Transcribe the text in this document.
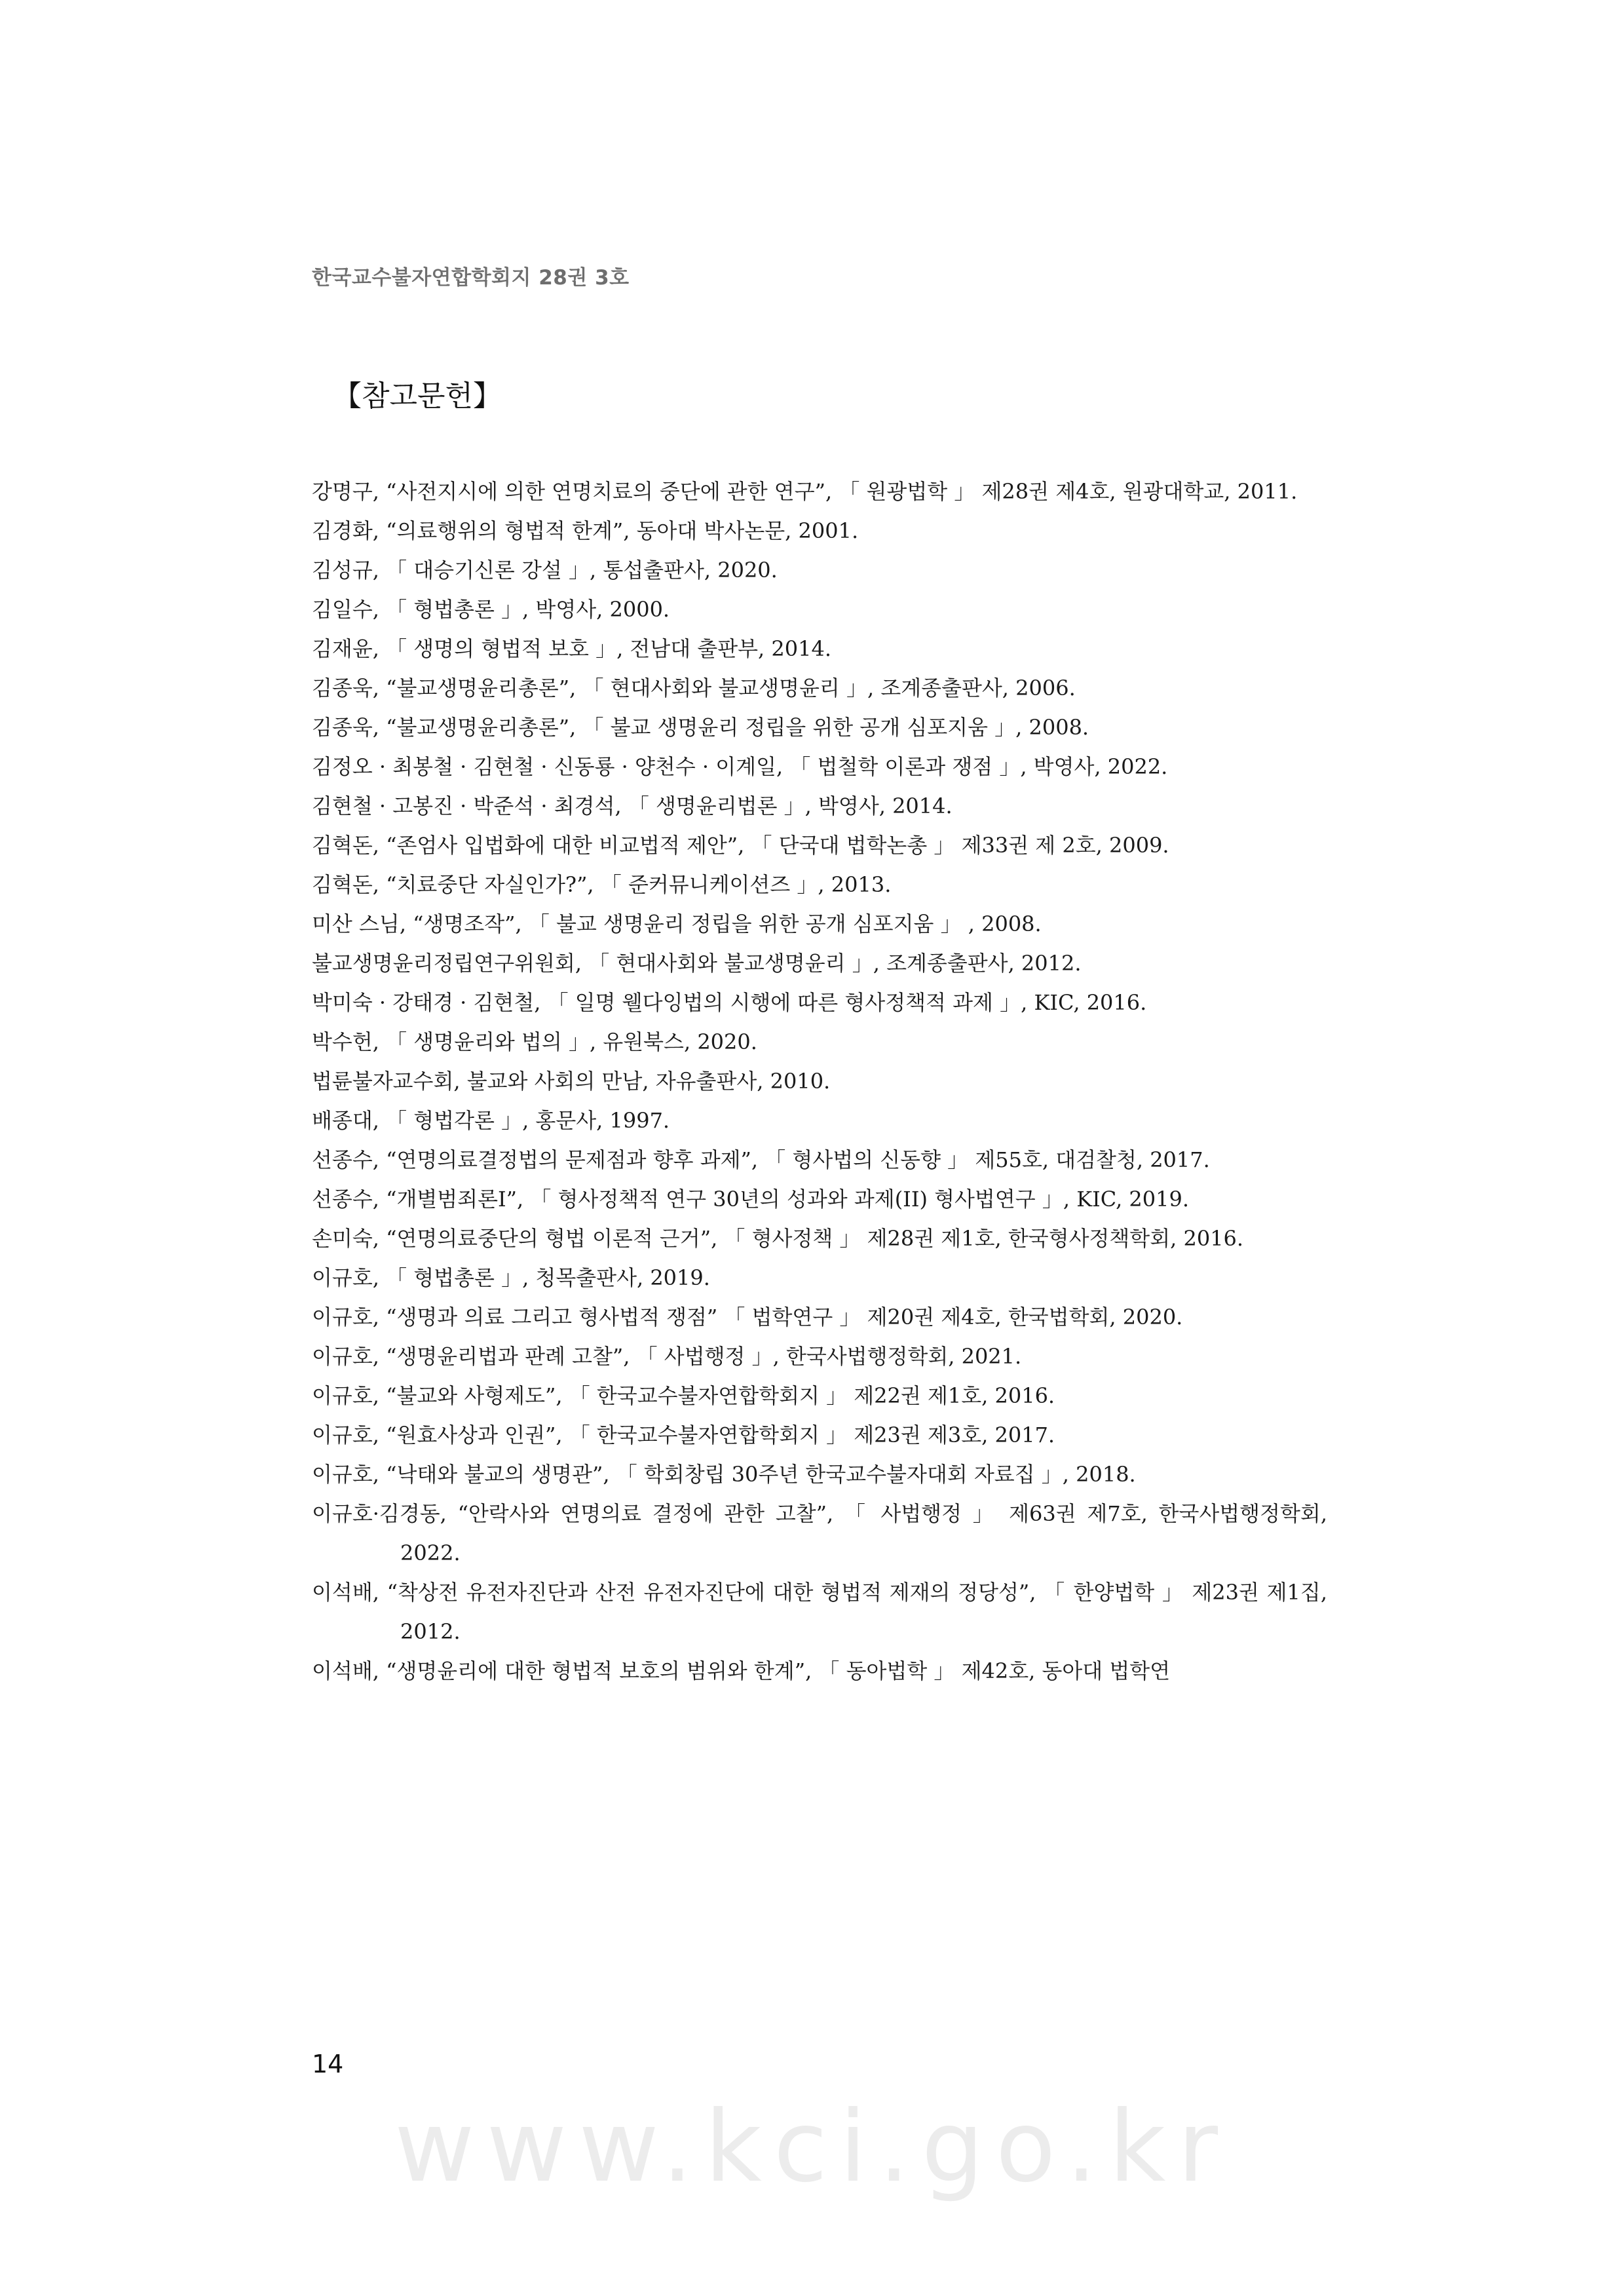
한국교수불자연합학회지 28권 3호
【참고문헌】
강명구, “사전지시에 의한 연명치료의 중단에 관한 연구”, 「 원광법학 」 제28권 제4호, 원광대학교, 2011.
김경화, “의료행위의 형법적 한계”, 동아대 박사논문, 2001.
김성규, 「 대승기신론 강설 」, 통섭출판사, 2020.
김일수, 「 형법총론 」, 박영사, 2000.
김재윤, 「 생명의 형법적 보호 」, 전남대 출판부, 2014.
김종욱, “불교생명윤리총론”, 「 현대사회와 불교생명윤리 」, 조계종출판사, 2006.
김종욱, “불교생명윤리총론”, 「 불교 생명윤리 정립을 위한 공개 심포지움 」, 2008.
김정오 · 최봉철 · 김현철 · 신동룡 · 양천수 · 이계일, 「 법철학 이론과 쟁점 」, 박영사, 2022.
김현철 · 고봉진 · 박준석 · 최경석, 「 생명윤리법론 」, 박영사, 2014.
김혁돈, “존엄사 입법화에 대한 비교법적 제안”, 「 단국대 법학논총 」 제33권 제 2호, 2009.
김혁돈, “치료중단 자실인가?”, 「 준커뮤니케이션즈 」, 2013.
미산 스님, “생명조작”, 「 불교 생명윤리 정립을 위한 공개 심포지움 」 , 2008.
불교생명윤리정립연구위원회, 「 현대사회와 불교생명윤리 」, 조계종출판사, 2012.
박미숙 · 강태경 · 김현철, 「 일명 웰다잉법의 시행에 따른 형사정책적 과제 」, KIC, 2016.
박수헌, 「 생명윤리와 법의 」, 유원북스, 2020.
법륜불자교수회, 불교와 사회의 만남, 자유출판사, 2010.
배종대, 「 형법각론 」, 홍문사, 1997.
선종수, “연명의료결정법의 문제점과 향후 과제”, 「 형사법의 신동향 」 제55호, 대검찰청, 2017.
선종수, “개별범죄론Ⅰ”, 「 형사정책적 연구 30년의 성과와 과제(II) 형사법연구 」, KIC, 2019.
손미숙, “연명의료중단의 형법 이론적 근거”, 「 형사정책 」 제28권 제1호, 한국형사정책학회, 2016.
이규호, 「 형법총론 」, 청목출판사, 2019.
이규호, “생명과 의료 그리고 형사법적 쟁점” 「 법학연구 」 제20권 제4호, 한국법학회, 2020.
이규호, “생명윤리법과 판례 고찰”, 「 사법행정 」, 한국사법행정학회, 2021.
이규호, “불교와 사형제도”, 「 한국교수불자연합학회지 」 제22권 제1호, 2016.
이규호, “원효사상과 인권”, 「 한국교수불자연합학회지 」 제23권 제3호, 2017.
이규호, “낙태와 불교의 생명관”, 「 학회창립 30주년 한국교수불자대회 자료집 」, 2018.
이규호·김경동, “안락사와 연명의료 결정에 관한 고찰”, 「 사법행정 」 제63권 제7호, 한국사법행정학회, 2022.
이석배, “착상전 유전자진단과 산전 유전자진단에 대한 형법적 제재의 정당성”, 「 한양법학 」 제23권 제1집, 2012.
이석배, “생명윤리에 대한 형법적 보호의 범위와 한계”, 「 동아법학 」 제42호, 동아대 법학연
14
www.kci.go.kr
